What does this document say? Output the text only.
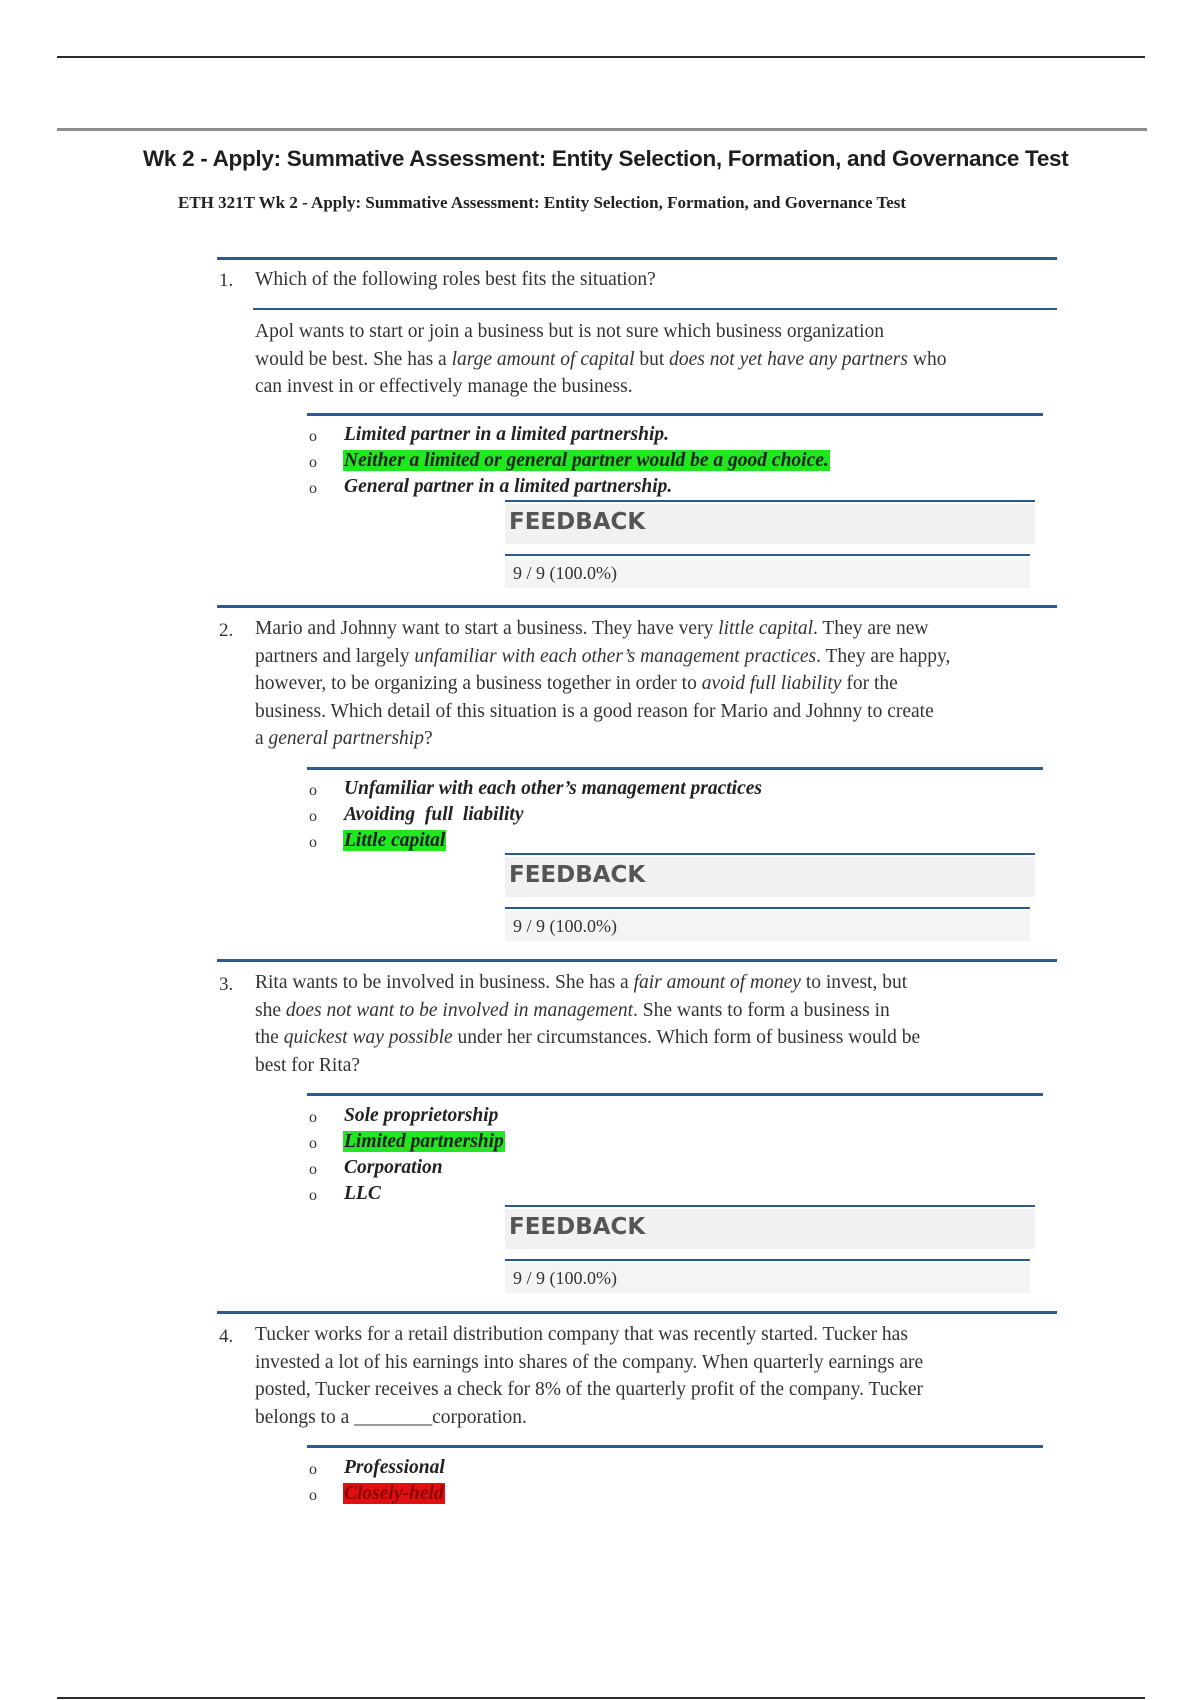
Wk 2 - Apply: Summative Assessment: Entity Selection, Formation, and Governance Test
ETH 321T Wk 2 - Apply: Summative Assessment: Entity Selection, Formation, and Governance Test
1. Which of the following roles best fits the situation?
Apol wants to start or join a business but is not sure which business organization
would be best. She has a large amount of capital but does not yet have any partners who
can invest in or effectively manage the business.
o Limited partner in a limited partnership.
o Neither a limited or general partner would be a good choice.
o General partner in a limited partnership.
FEEDBACK
9 / 9 (100.0%)
2. Mario and Johnny want to start a business. They have very little capital. They are new
partners and largely unfamiliar with each other’s management practices. They are happy,
however, to be organizing a business together in order to avoid full liability for the
business. Which detail of this situation is a good reason for Mario and Johnny to create
a general partnership?
o Unfamiliar with each other’s management practices
o Avoiding  full  liability
o Little capital
FEEDBACK
9 / 9 (100.0%)
3. Rita wants to be involved in business. She has a fair amount of money to invest, but
she does not want to be involved in management. She wants to form a business in
the quickest way possible under her circumstances. Which form of business would be
best for Rita?
o Sole proprietorship
o Limited partnership
o Corporation
o LLC
FEEDBACK
9 / 9 (100.0%)
4. Tucker works for a retail distribution company that was recently started. Tucker has
invested a lot of his earnings into shares of the company. When quarterly earnings are
posted, Tucker receives a check for 8% of the quarterly profit of the company. Tucker
belongs to a ________corporation.
o Professional
o Closely-held
